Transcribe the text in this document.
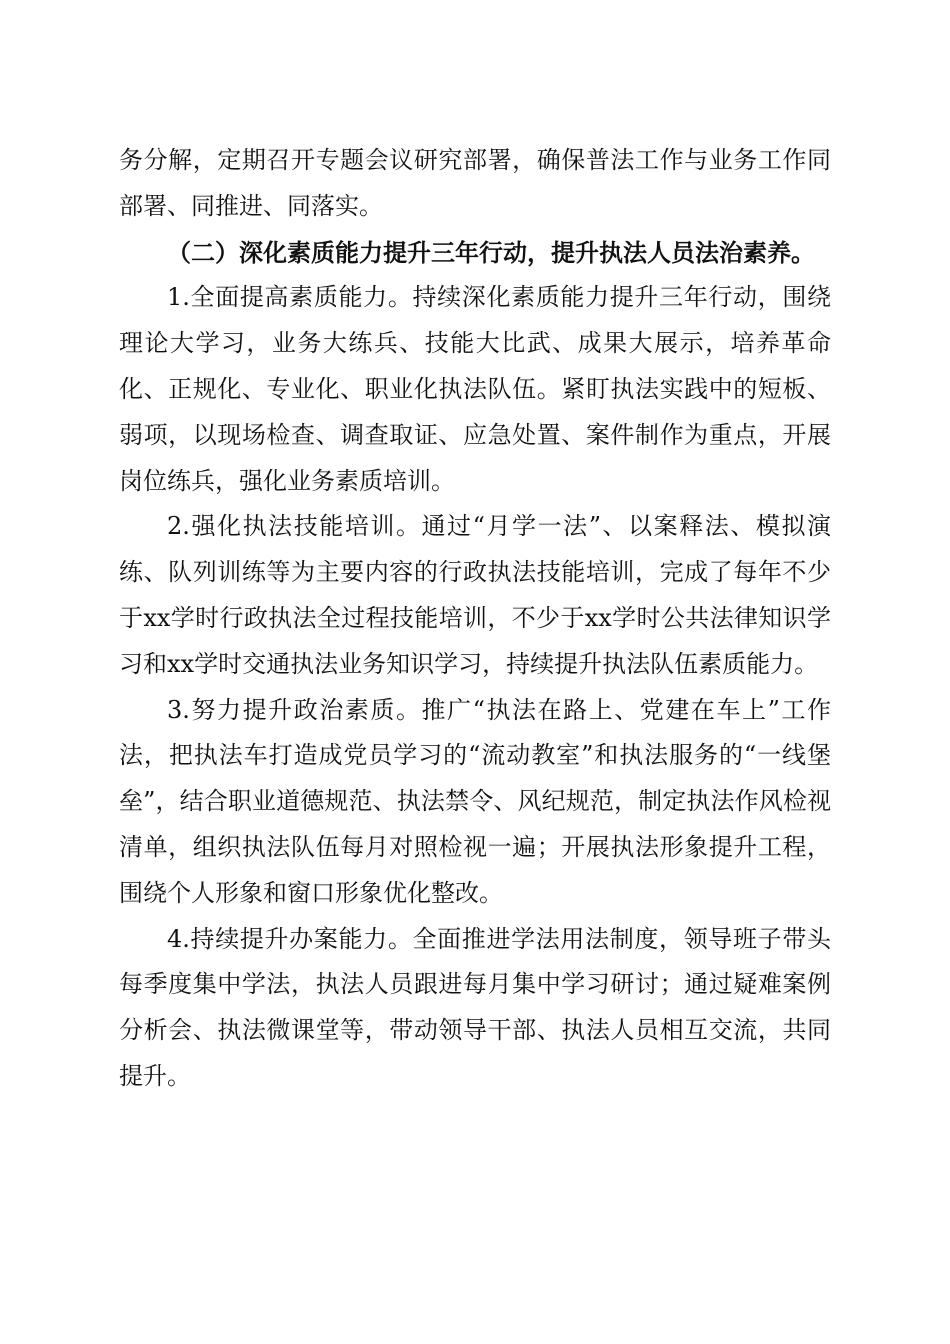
务分解，定期召开专题会议研究部署，确保普法工作与业务工作同部署、同推进、同落实。

（二）深化素质能力提升三年行动，提升执法人员法治素养。

1.全面提高素质能力。持续深化素质能力提升三年行动，围绕理论大学习，业务大练兵、技能大比武、成果大展示，培养革命化、正规化、专业化、职业化执法队伍。紧盯执法实践中的短板、弱项，以现场检查、调查取证、应急处置、案件制作为重点，开展岗位练兵，强化业务素质培训。

2.强化执法技能培训。通过“月学一法”、以案释法、模拟演练、队列训练等为主要内容的行政执法技能培训，完成了每年不少于xx学时行政执法全过程技能培训，不少于xx学时公共法律知识学习和xx学时交通执法业务知识学习，持续提升执法队伍素质能力。

3.努力提升政治素质。推广“执法在路上、党建在车上”工作法，把执法车打造成党员学习的“流动教室”和执法服务的“一线堡垒”，结合职业道德规范、执法禁令、风纪规范，制定执法作风检视清单，组织执法队伍每月对照检视一遍；开展执法形象提升工程，围绕个人形象和窗口形象优化整改。

4.持续提升办案能力。全面推进学法用法制度，领导班子带头每季度集中学法，执法人员跟进每月集中学习研讨；通过疑难案例分析会、执法微课堂等，带动领导干部、执法人员相互交流，共同提升。
